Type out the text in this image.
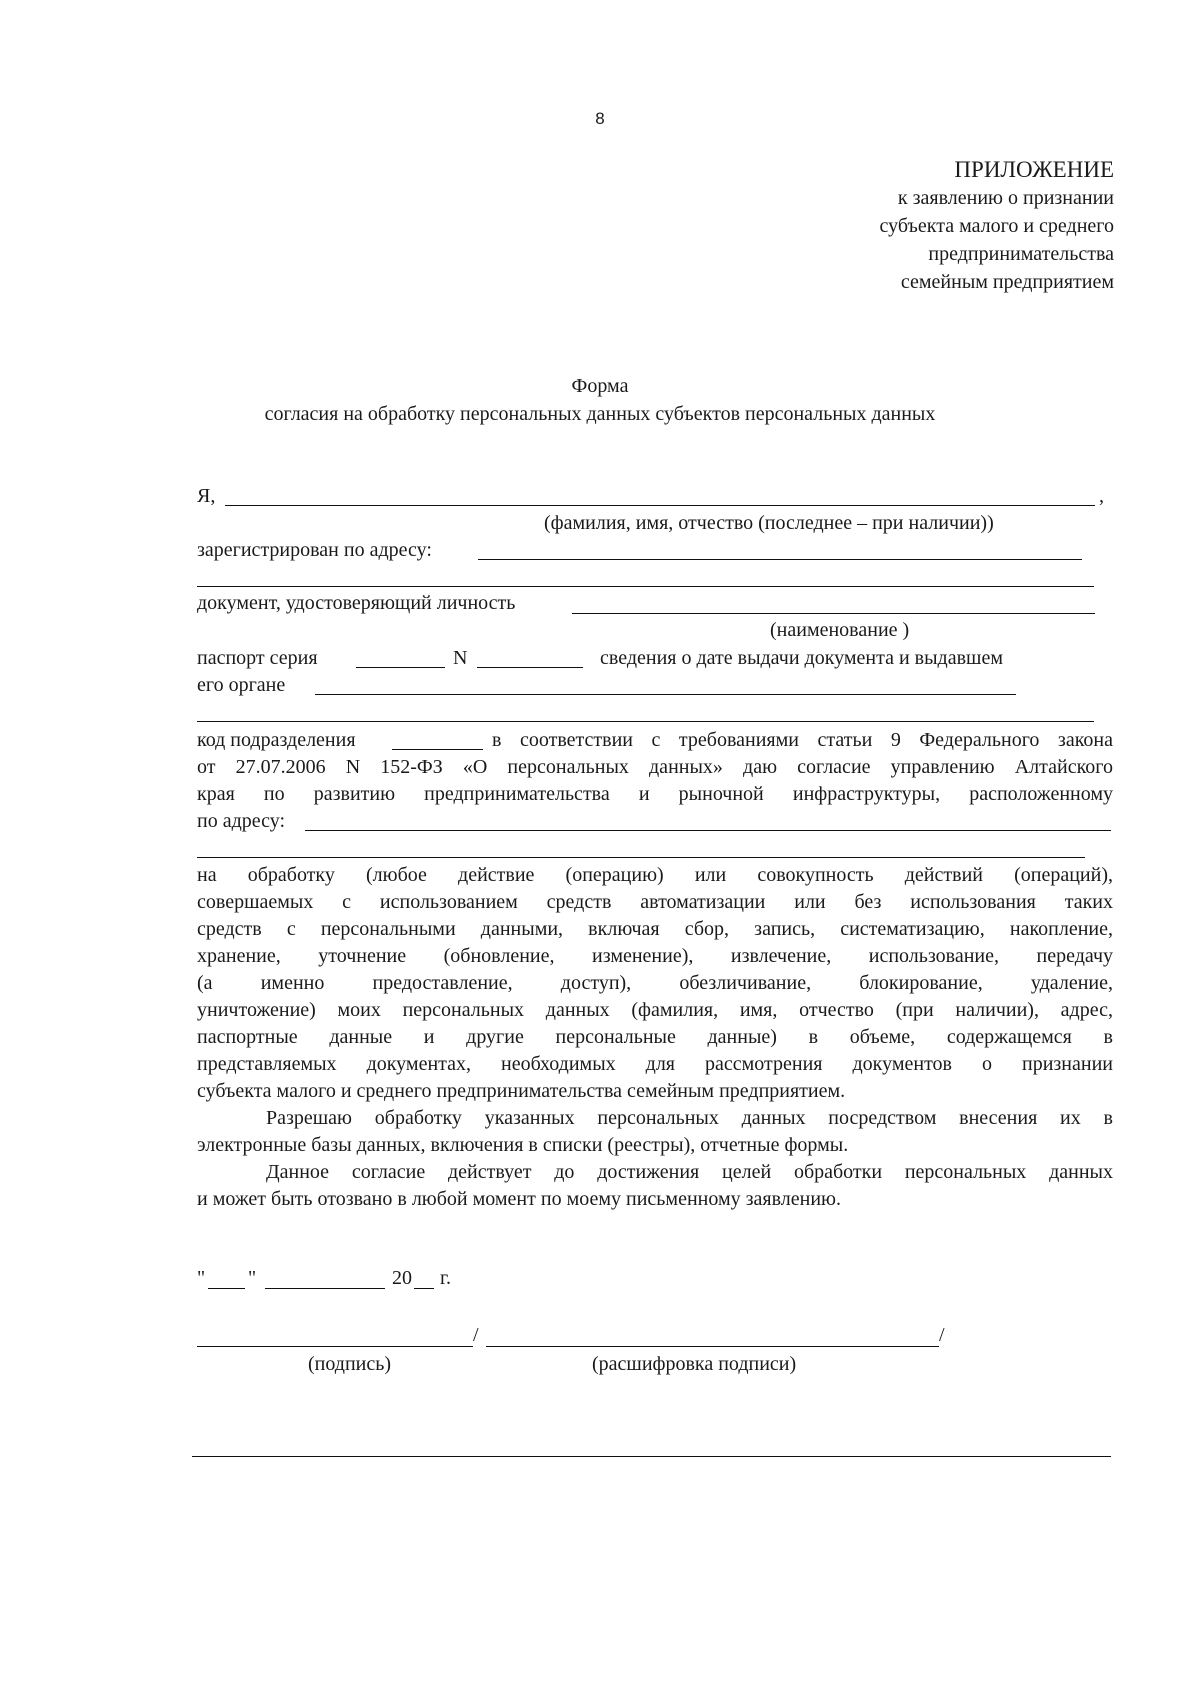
8
ПРИЛОЖЕНИЕ
к заявлению о признании
субъекта малого и среднего
предпринимательства
семейным предприятием
Форма
согласия на обработку персональных данных субъектов персональных данных
Я,	,
(фамилия, имя, отчество (последнее – при наличии))
зарегистрирован по адресу:
документ, удостоверяющий личность
(наименование )
паспорт серия	N	сведения о дате выдачи документа и выдавшем
его органе
код подразделения	в соответствии с требованиями статьи 9 Федерального закона
от 27.07.2006 N 152-ФЗ «О персональных данных» даю согласие управлению Алтайского
края по развитию предпринимательства и рыночной инфраструктуры, расположенному
по адресу:
на обработку (любое действие (операцию) или совокупность действий (операций),
совершаемых с использованием средств автоматизации или без использования таких
средств с персональными данными, включая сбор, запись, систематизацию, накопление,
хранение, уточнение (обновление, изменение), извлечение, использование, передачу
(а именно предоставление, доступ), обезличивание, блокирование, удаление,
уничтожение) моих персональных данных (фамилия, имя, отчество (при наличии), адрес,
паспортные данные и другие персональные данные) в объеме, содержащемся в
представляемых документах, необходимых для рассмотрения документов о признании
субъекта малого и среднего предпринимательства семейным предприятием.
Разрешаю обработку указанных персональных данных посредством внесения их в
электронные базы данных, включения в списки (реестры), отчетные формы.
Данное согласие действует до достижения целей обработки персональных данных
и может быть отозвано в любой момент по моему письменному заявлению.
" "	20 г.
/	/
(подпись)	(расшифровка подписи)
